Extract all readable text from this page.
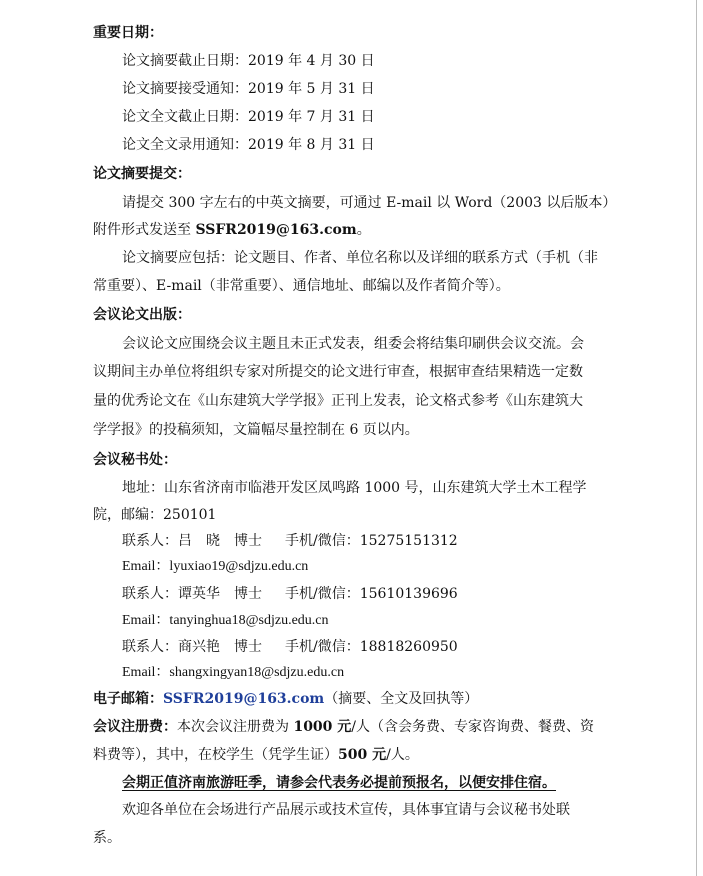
重要日期：
论文摘要截止日期：2019 年 4 月 30 日
论文摘要接受通知：2019 年 5 月 31 日
论文全文截止日期：2019 年 7 月 31 日
论文全文录用通知：2019 年 8 月 31 日
论文摘要提交：
请提交 300 字左右的中英文摘要，可通过 E-mail 以 Word（2003 以后版本）
附件形式发送至 SSFR2019@163.com。
论文摘要应包括：论文题目、作者、单位名称以及详细的联系方式（手机（非
常重要）、E-mail（非常重要）、通信地址、邮编以及作者简介等）。
会议论文出版：
会议论文应围绕会议主题且未正式发表，组委会将结集印刷供会议交流。会
议期间主办单位将组织专家对所提交的论文进行审查，根据审查结果精选一定数
量的优秀论文在《山东建筑大学学报》正刊上发表，论文格式参考《山东建筑大
学学报》的投稿须知，文篇幅尽量控制在 6 页以内。
会议秘书处：
地址：山东省济南市临港开发区凤鸣路 1000 号，山东建筑大学土木工程学
院，邮编：250101
联系人：吕　晓　博士	手机/微信：15275151312
Email：lyuxiao19@sdjzu.edu.cn
联系人：谭英华　博士	手机/微信：15610139696
Email：tanyinghua18@sdjzu.edu.cn
联系人：商兴艳　博士	手机/微信：18818260950
Email：shangxingyan18@sdjzu.edu.cn
电子邮箱：SSFR2019@163.com（摘要、全文及回执等）
会议注册费：本次会议注册费为 1000 元/人（含会务费、专家咨询费、餐费、资
料费等），其中，在校学生（凭学生证）500 元/人。
会期正值济南旅游旺季，请参会代表务必提前预报名，以便安排住宿。
欢迎各单位在会场进行产品展示或技术宣传，具体事宜请与会议秘书处联
系。
